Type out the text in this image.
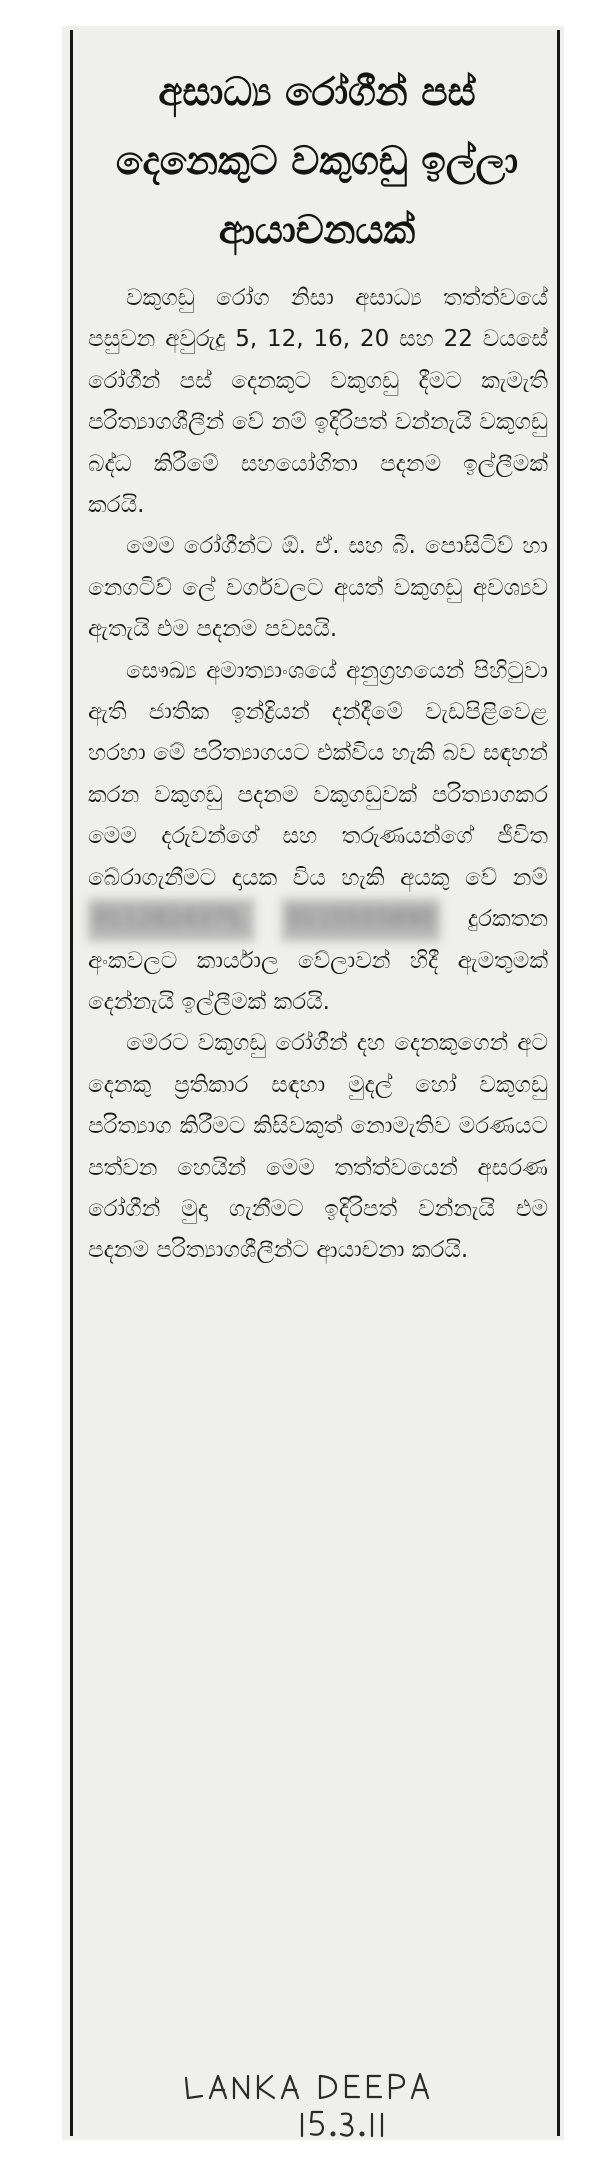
අසාධ්‍ය රෝගීන් පස් දෙනෙකුට වකුගඩු ඉල්ලා ආයාචනයක්

වකුගඩු රෝග නිසා අසාධ්‍ය තත්ත්වයේ පසුවන අවුරුදු 5, 12, 16, 20 සහ 22 වයසේ රෝගීන් පස් දෙනකුට වකුගඩු දීමට කැමැති පරිත්‍යාගශීලීන් වේ නම් ඉදිරිපත් වන්නැයි වකුගඩු බද්ධ කිරීමේ සහයෝගිතා පදනම ඉල්ලීමක් කරයි.

මෙම රෝගීන්ට ඕ. ඒ. සහ බී. පොසිටිව් හා නෙගටිව් ලේ වර්ගවලට අයත් වකුගඩු අවශ්‍යව ඇතැයි එම පදනම පවසයි.

සෞඛ්‍ය අමාත්‍යාංශයේ අනුග්‍රහයෙන් පිහිටුවා ඇති ජාතික ඉන්ද්‍රියන් දන්දීමේ වැඩපිළිවෙළ හරහා මේ පරිත්‍යාගයට එක්විය හැකි බව සඳහන් කරන වකුගඩු පදනම වකුගඩුවක් පරිත්‍යාගකර මෙම දරුවන්ගේ සහ තරුණයන්ගේ ජීවිත බේරාගැනීමට දායක විය හැකි අයකු වේ නම් 0112824375, 0115555890 දුරකතන අංකවලට කාර්යාල වේලාවන් හිදී ඇමතුමක් දෙන්නැයි ඉල්ලීමක් කරයි.

මෙරට වකුගඩු රෝගීන් දහ දෙනකුගෙන් අට දෙනකු ප්‍රතිකාර සඳහා මුදල් හෝ වකුගඩු පරිත්‍යාග කිරීමට කිසිවකුත් නොමැතිව මරණයට පත්වන හෙයින් මෙම තත්ත්වයෙන් අසරණ රෝගීන් මුදා ගැනීමට ඉදිරිපත් වන්නැයි එම පදනම පරිත්‍යාගශීලීන්ට ආයාචනා කරයි.
